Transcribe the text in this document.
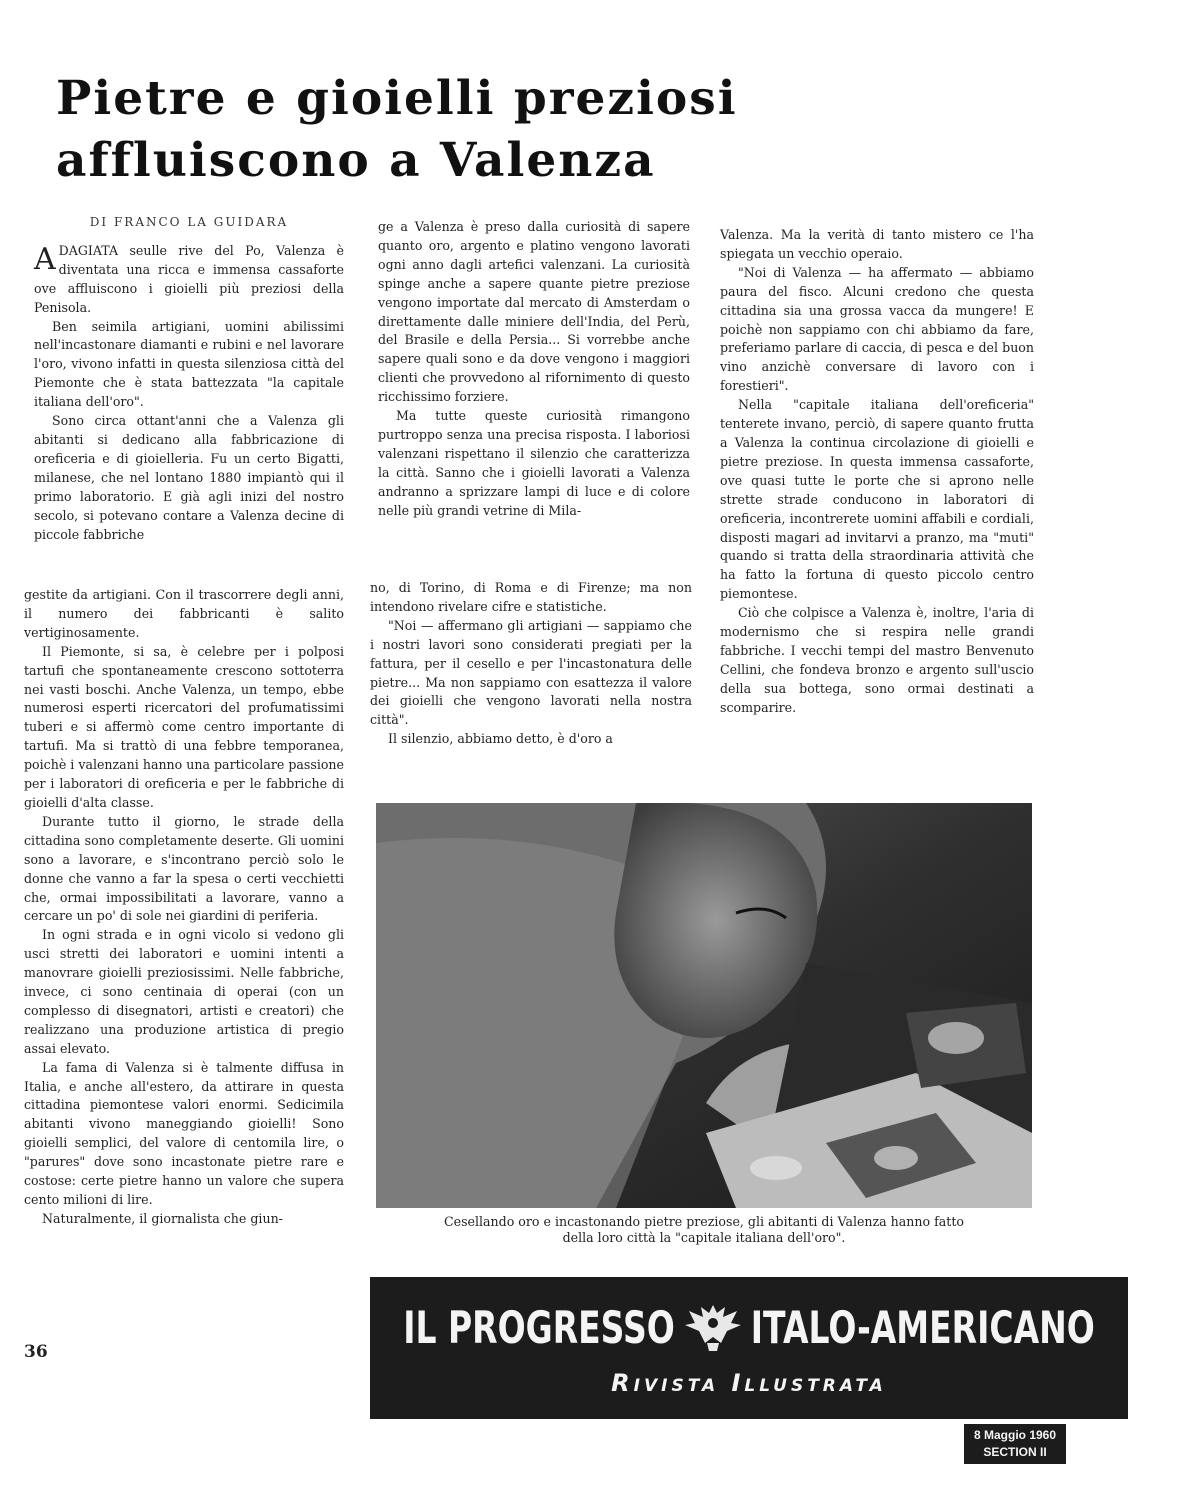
Pietre e gioielli preziosi
affluiscono a Valenza
DI FRANCO LA GUIDARA

ADAGIATA seulle rive del Po, Valenza è diventata una ricca e immensa cassaforte ove affluiscono i gioielli più preziosi della Penisola.

Ben seimila artigiani, uomini abilissimi nell'incastonare diamanti e rubini e nel lavorare l'oro, vivono infatti in questa silenziosa città del Piemonte che è stata battezzata "la capitale italiana dell'oro".

Sono circa ottant'anni che a Valenza gli abitanti si dedicano alla fabbricazione di oreficeria e di gioielleria. Fu un certo Bigatti, milanese, che nel lontano 1880 impiantò qui il primo laboratorio. E già agli inizi del nostro secolo, si potevano contare a Valenza decine di piccole fabbriche

gestite da artigiani. Con il trascorrere degli anni, il numero dei fabbricanti è salito vertiginosamente.

Il Piemonte, si sa, è celebre per i polposi tartufi che spontaneamente crescono sottoterra nei vasti boschi. Anche Valenza, un tempo, ebbe numerosi esperti ricercatori del profumatissimi tuberi e si affermò come centro importante di tartufi. Ma si trattò di una febbre temporanea, poichè i valenzani hanno una particolare passione per i laboratori di oreficeria e per le fabbriche di gioielli d'alta classe.

Durante tutto il giorno, le strade della cittadina sono completamente deserte. Gli uomini sono a lavorare, e s'incontrano perciò solo le donne che vanno a far la spesa o certi vecchietti che, ormai impossibilitati a lavorare, vanno a cercare un po' di sole nei giardini di periferia.

In ogni strada e in ogni vicolo si vedono gli usci stretti dei laboratori e uomini intenti a manovrare gioielli preziosissimi. Nelle fabbriche, invece, ci sono centinaia di operai (con un complesso di disegnatori, artisti e creatori) che realizzano una produzione artistica di pregio assai elevato.

La fama di Valenza si è talmente diffusa in Italia, e anche all'estero, da attirare in questa cittadina piemontese valori enormi. Sedicimila abitanti vivono maneggiando gioielli! Sono gioielli semplici, del valore di centomila lire, o "parures" dove sono incastonate pietre rare e costose: certe pietre hanno un valore che supera cento milioni di lire.

Naturalmente, il giornalista che giun-

ge a Valenza è preso dalla curiosità di sapere quanto oro, argento e platino vengono lavorati ogni anno dagli artefici valenzani. La curiosità spinge anche a sapere quante pietre preziose vengono importate dal mercato di Amsterdam o direttamente dalle miniere dell'India, del Perù, del Brasile e della Persia... Si vorrebbe anche sapere quali sono e da dove vengono i maggiori clienti che provvedono al rifornimento di questo ricchissimo forziere.

Ma tutte queste curiosità rimangono purtroppo senza una precisa risposta. I laboriosi valenzani rispettano il silenzio che caratterizza la città. Sanno che i gioielli lavorati a Valenza andranno a sprizzare lampi di luce e di colore nelle più grandi vetrine di Mila-

no, di Torino, di Roma e di Firenze; ma non intendono rivelare cifre e statistiche.

"Noi — affermano gli artigiani — sappiamo che i nostri lavori sono considerati pregiati per la fattura, per il cesello e per l'incastonatura delle pietre... Ma non sappiamo con esattezza il valore dei gioielli che vengono lavorati nella nostra città".

Il silenzio, abbiamo detto, è d'oro a

Valenza. Ma la verità di tanto mistero ce l'ha spiegata un vecchio operaio.

"Noi di Valenza — ha affermato — abbiamo paura del fisco. Alcuni credono che questa cittadina sia una grossa vacca da mungere! E poichè non sappiamo con chi abbiamo da fare, preferiamo parlare di caccia, di pesca e del buon vino anzichè conversare di lavoro con i forestieri".

Nella "capitale italiana dell'oreficeria" tenterete invano, perciò, di sapere quanto frutta a Valenza la continua circolazione di gioielli e pietre preziose. In questa immensa cassaforte, ove quasi tutte le porte che si aprono nelle strette strade conducono in laboratori di oreficeria, incontrerete uomini affabili e cordiali, disposti magari ad invitarvi a pranzo, ma "muti" quando si tratta della straordinaria attività che ha fatto la fortuna di questo piccolo centro piemontese.

Ciò che colpisce a Valenza è, inoltre, l'aria di modernismo che si respira nelle grandi fabbriche. I vecchi tempi del mastro Benvenuto Cellini, che fondeva bronzo e argento sull'uscio della sua bottega, sono ormai destinati a scomparire.

36
Cesellando oro e incastonando pietre preziose, gli abitanti di Valenza hanno fatto
della loro città la "capitale italiana dell'oro".
IL PROGRESSO ITALO-AMERICANO
Rivista Illustrata
8 Maggio 1960
SECTION II
